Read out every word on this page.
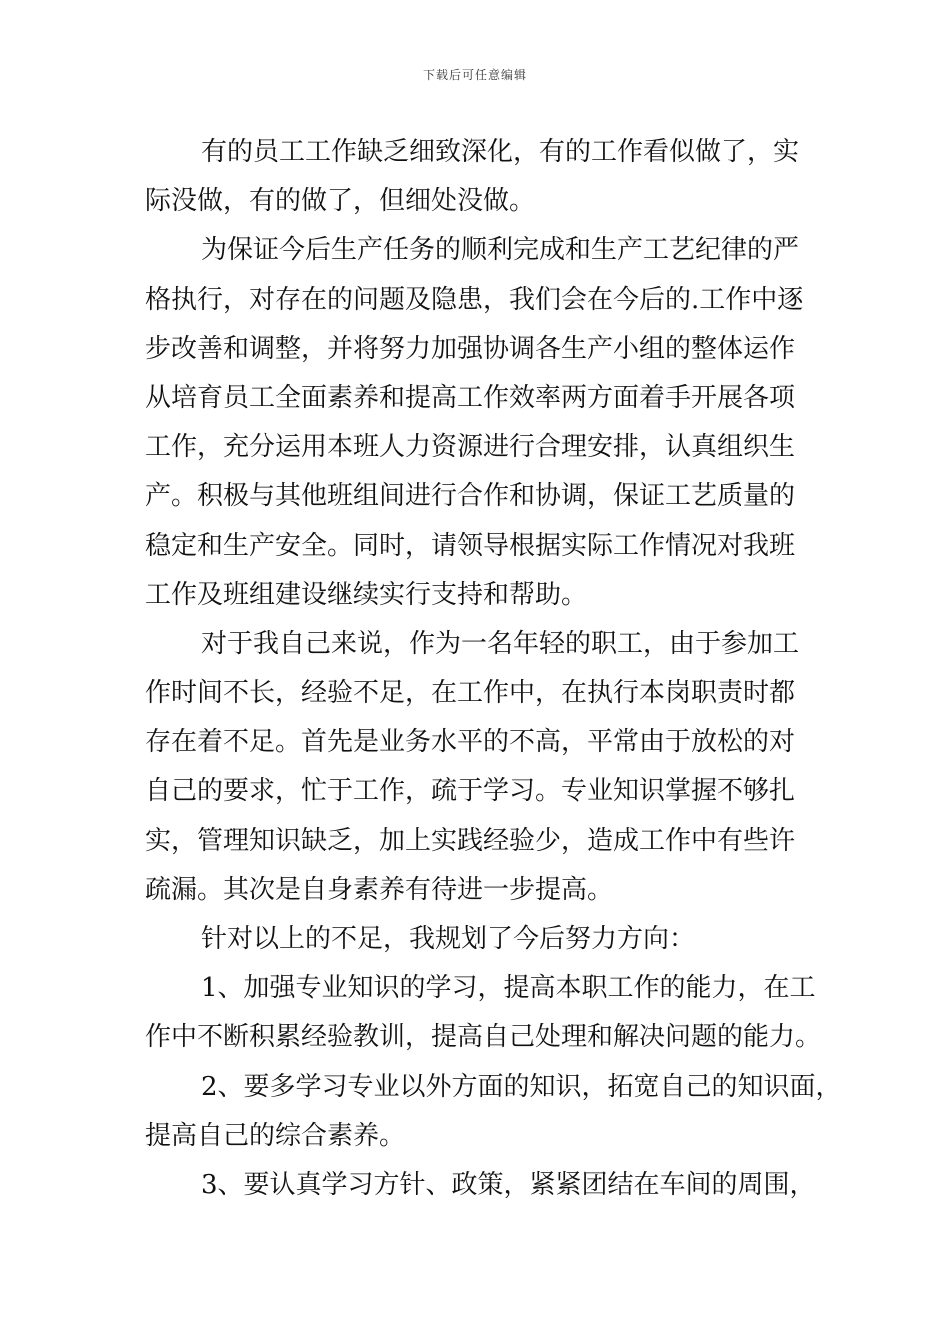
下载后可任意编辑
有的员工工作缺乏细致深化，有的工作看似做了，实
际没做，有的做了，但细处没做。
为保证今后生产任务的顺利完成和生产工艺纪律的严
格执行，对存在的问题及隐患，我们会在今后的.工作中逐
步改善和调整，并将努力加强协调各生产小组的整体运作
从培育员工全面素养和提高工作效率两方面着手开展各项
工作，充分运用本班人力资源进行合理安排，认真组织生
产。积极与其他班组间进行合作和协调，保证工艺质量的
稳定和生产安全。同时，请领导根据实际工作情况对我班
工作及班组建设继续实行支持和帮助。
对于我自己来说，作为一名年轻的职工，由于参加工
作时间不长，经验不足，在工作中，在执行本岗职责时都
存在着不足。首先是业务水平的不高，平常由于放松的对
自己的要求，忙于工作，疏于学习。专业知识掌握不够扎
实，管理知识缺乏，加上实践经验少，造成工作中有些许
疏漏。其次是自身素养有待进一步提高。
针对以上的不足，我规划了今后努力方向：
1、加强专业知识的学习，提高本职工作的能力，在工
作中不断积累经验教训，提高自己处理和解决问题的能力。
2、要多学习专业以外方面的知识，拓宽自己的知识面，
提高自己的综合素养。
3、要认真学习方针、政策，紧紧团结在车间的周围，
